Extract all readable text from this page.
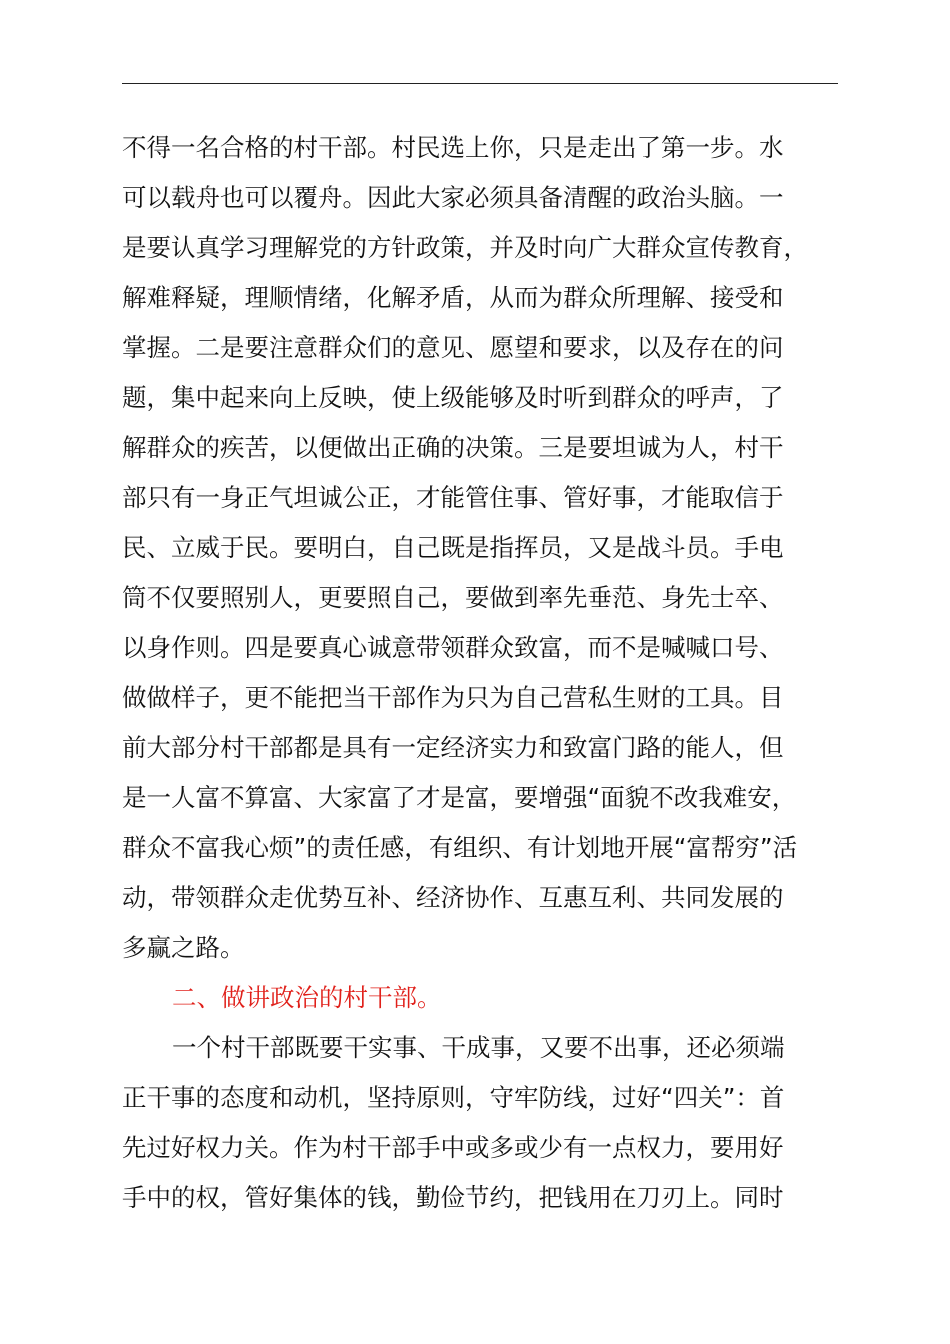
不得一名合格的村干部。村民选上你，只是走出了第一步。水
可以载舟也可以覆舟。因此大家必须具备清醒的政治头脑。一
是要认真学习理解党的方针政策，并及时向广大群众宣传教育，
解难释疑，理顺情绪，化解矛盾，从而为群众所理解、接受和
掌握。二是要注意群众们的意见、愿望和要求，以及存在的问
题，集中起来向上反映，使上级能够及时听到群众的呼声，了
解群众的疾苦，以便做出正确的决策。三是要坦诚为人，村干
部只有一身正气坦诚公正，才能管住事、管好事，才能取信于
民、立威于民。要明白，自己既是指挥员，又是战斗员。手电
筒不仅要照别人，更要照自己，要做到率先垂范、身先士卒、
以身作则。四是要真心诚意带领群众致富，而不是喊喊口号、
做做样子，更不能把当干部作为只为自己营私生财的工具。目
前大部分村干部都是具有一定经济实力和致富门路的能人，但
是一人富不算富、大家富了才是富，要增强“面貌不改我难安，
群众不富我心烦”的责任感，有组织、有计划地开展“富帮穷”活
动，带领群众走优势互补、经济协作、互惠互利、共同发展的
多赢之路。
二、做讲政治的村干部。
一个村干部既要干实事、干成事，又要不出事，还必须端
正干事的态度和动机，坚持原则，守牢防线，过好“四关”：首
先过好权力关。作为村干部手中或多或少有一点权力，要用好
手中的权，管好集体的钱，勤俭节约，把钱用在刀刃上。同时
